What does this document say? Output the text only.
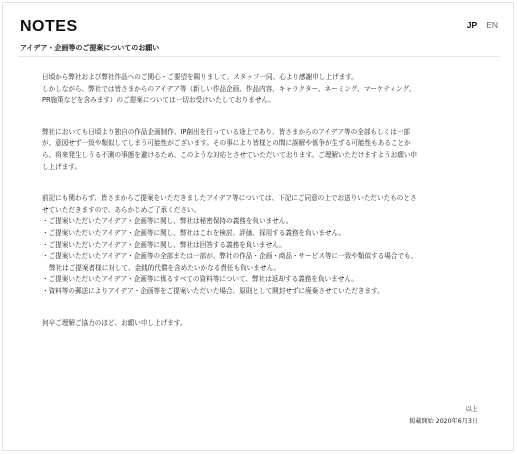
NOTES
アイデア・企画等のご提案についてのお願い
JP EN

日頃から弊社および弊社作品へのご関心・ご要望を賜りまして、スタッフ一同、心より感謝申し上げます。

しかしながら、弊社では皆さまからのアイデア等（新しい作品企画、作品内容、キャラクター、ネーミング、マーケティング、

PR施策などを含みます）のご提案については一切お受けいたしておりません。

弊社においても日頃より独自の作品企画制作、IP創出を行っている途上であり、皆さまからのアイデア等の全部もしくは一部

が、意図せず一致や類似してしまう可能性がございます。その事により皆様との間に誤解や係争が生ずる可能性もあることか

ら、将来発生しうる不測の事態を避けるため、このような対応とさせていただいております。ご理解いただけますようお願い申

し上げます。

前記にも関わらず、皆さまからご提案をいただきましたアイデア等については、下記にご同意の上でお送りいただいたものとさ

せていただきますので、あらかじめご了承ください。

・ご提案いただいたアイデア・企画等に関し、弊社は秘密保持の義務を負いません。
・ご提案いただいたアイデア・企画等に関し、弊社はこれを検討、評価、採用する義務を負いません。
・ご提案いただいたアイデア・企画等に関し、弊社は回答する義務を負いません。
・ご提案いただいたアイデア・企画等の全部または一部が、弊社の作品・企画・商品・サービス等に一致や類似する場合でも、
弊社はご提案者様に対して、金銭的代償を含めたいかなる責任も負いません。
・ご提案いただいたアイデア・企画等に係るすべての資料等について、弊社は返却する義務を負いません。
・資料等の郵送によりアイデア・企画等をご提案いただいた場合、原則として開封せずに廃棄させていただきます。

何卒ご理解ご協力のほど、お願い申し上げます。

以上
掲載開始 2020年6月3日
